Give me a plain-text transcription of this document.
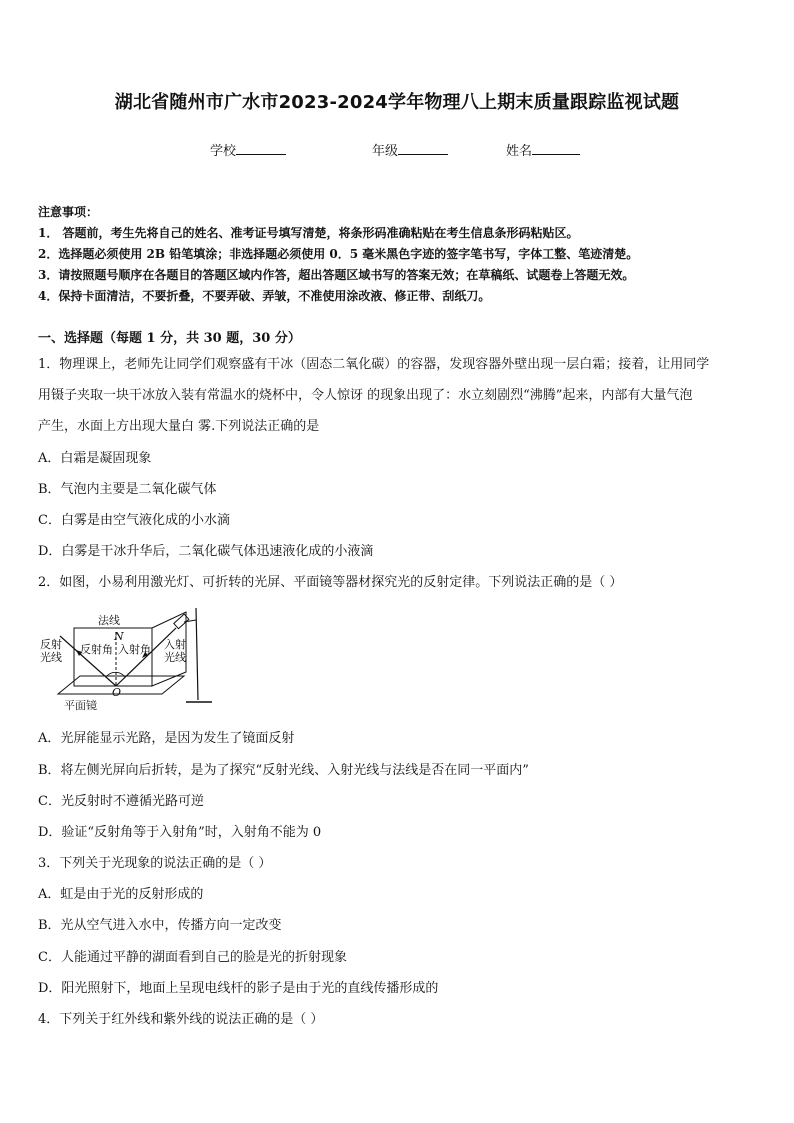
湖北省随州市广水市2023-2024学年物理八上期末质量跟踪监视试题
学校	年级	姓名
注意事项：
1． 答题前，考生先将自己的姓名、准考证号填写清楚，将条形码准确粘贴在考生信息条形码粘贴区。
2．选择题必须使用 2B 铅笔填涂；非选择题必须使用 0．5 毫米黑色字迹的签字笔书写，字体工整、笔迹清楚。
3．请按照题号顺序在各题目的答题区域内作答，超出答题区域书写的答案无效；在草稿纸、试题卷上答题无效。
4．保持卡面清洁，不要折叠，不要弄破、弄皱，不准使用涂改液、修正带、刮纸刀。
一、选择题（每题 1 分，共 30 题，30 分）
1．物理课上，老师先让同学们观察盛有干冰（固态二氧化碳）的容器，发现容器外壁出现一层白霜；接着，让用同学
用镊子夹取一块干冰放入装有常温水的烧杯中，令人惊讶 的现象出现了：水立刻剧烈“沸腾”起来，内部有大量气泡
产生，水面上方出现大量白 雾.下列说法正确的是
A．白霜是凝固现象
B．气泡内主要是二氧化碳气体
C．白雾是由空气液化成的小水滴
D．白雾是干冰升华后，二氧化碳气体迅速液化成的小液滴
2．如图，小易利用激光灯、可折转的光屏、平面镜等器材探究光的反射定律。下列说法正确的是（ ）
法线
反射
光线
N
反射角 入射角 入射
光线
O
平面镜
A．光屏能显示光路，是因为发生了镜面反射
B．将左侧光屏向后折转，是为了探究“反射光线、入射光线与法线是否在同一平面内”
C．光反射时不遵循光路可逆
D．验证“反射角等于入射角”时，入射角不能为 0
3．下列关于光现象的说法正确的是（ ）
A．虹是由于光的反射形成的
B．光从空气进入水中，传播方向一定改变
C．人能通过平静的湖面看到自己的脸是光的折射现象
D．阳光照射下，地面上呈现电线杆的影子是由于光的直线传播形成的
4．下列关于红外线和紫外线的说法正确的是（ ）
